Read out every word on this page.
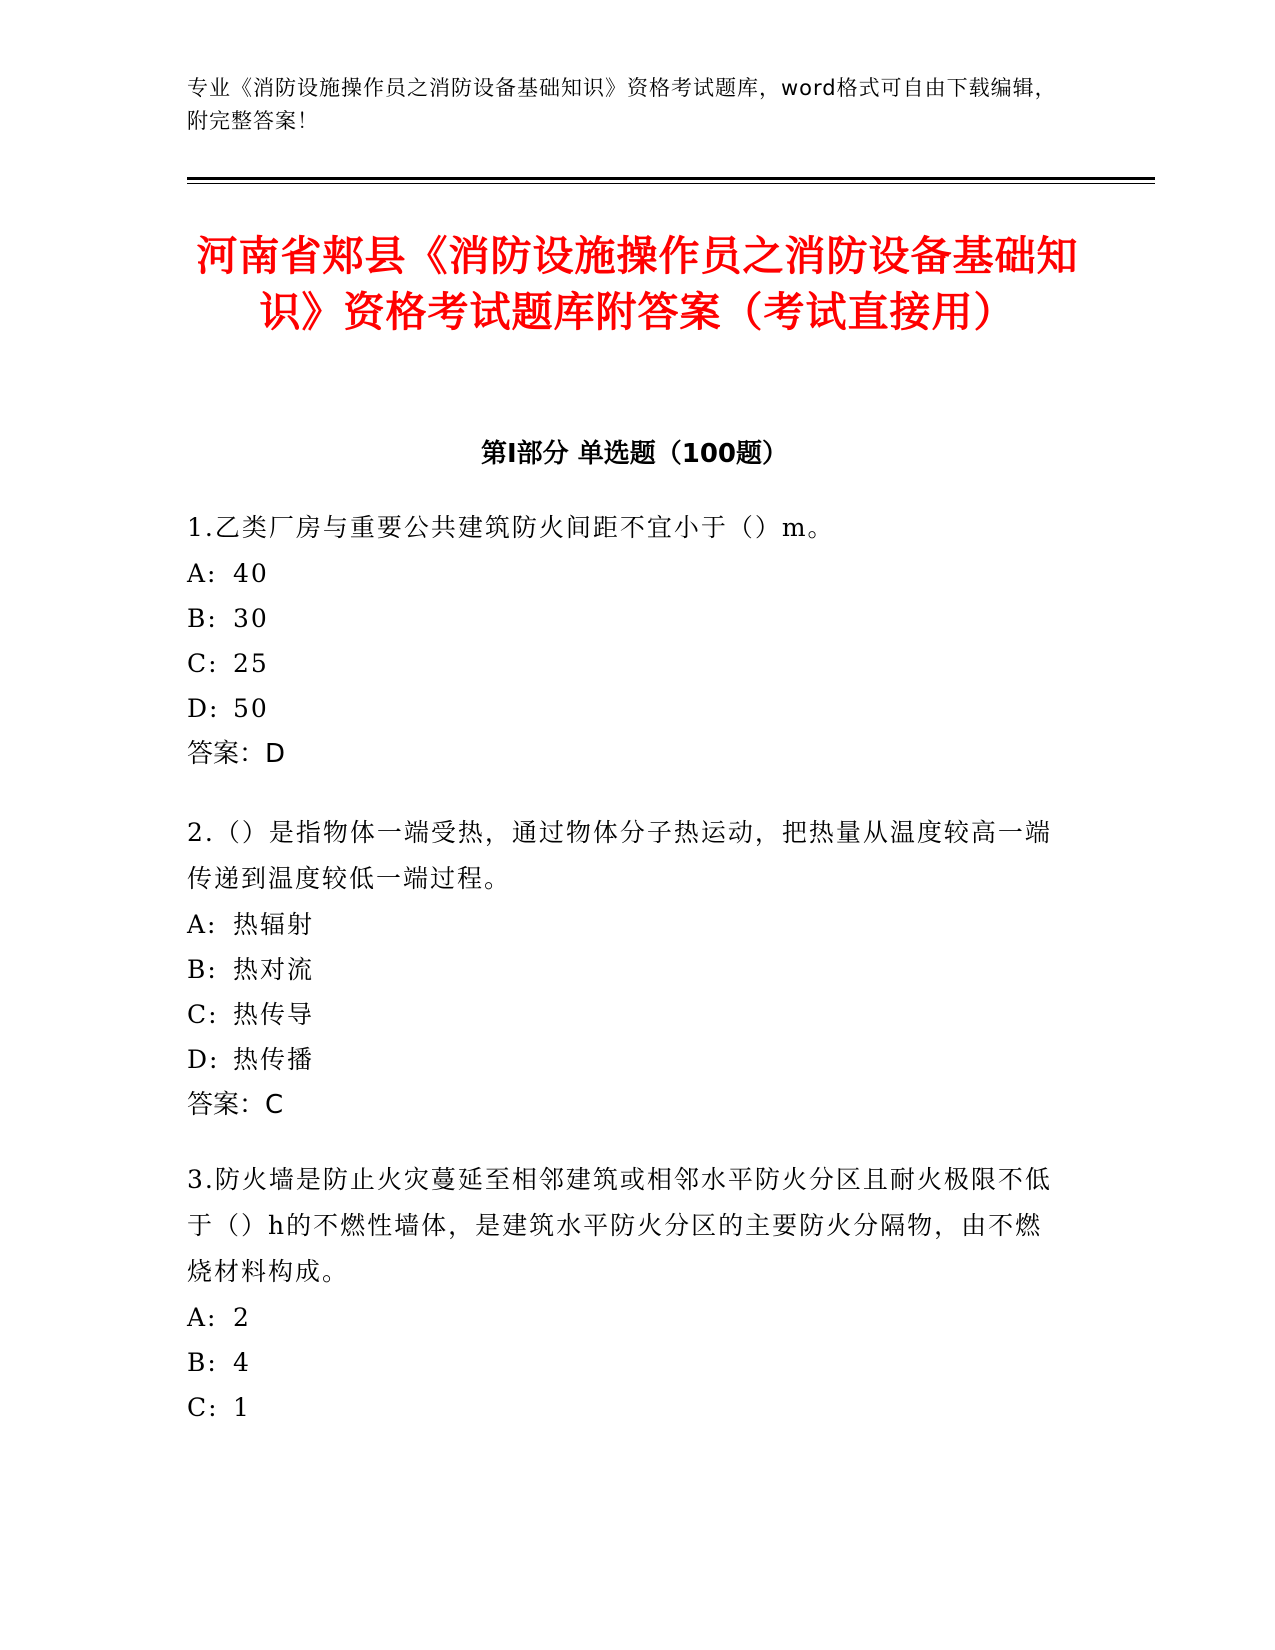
专业《消防设施操作员之消防设备基础知识》资格考试题库，word格式可自由下载编辑，附完整答案！
河南省郏县《消防设施操作员之消防设备基础知识》资格考试题库附答案（考试直接用）
第Ⅰ部分 单选题（100题）

1.乙类厂房与重要公共建筑防火间距不宜小于（）m。

A: 40

B: 30

C: 25

D: 50

答案：D

2.（）是指物体一端受热，通过物体分子热运动，把热量从温度较高一端传递到温度较低一端过程。

A: 热辐射

B: 热对流

C: 热传导

D: 热传播

答案：C

3.防火墙是防止火灾蔓延至相邻建筑或相邻水平防火分区且耐火极限不低于（）h的不燃性墙体，是建筑水平防火分区的主要防火分隔物，由不燃烧材料构成。

A: 2

B: 4

C: 1
